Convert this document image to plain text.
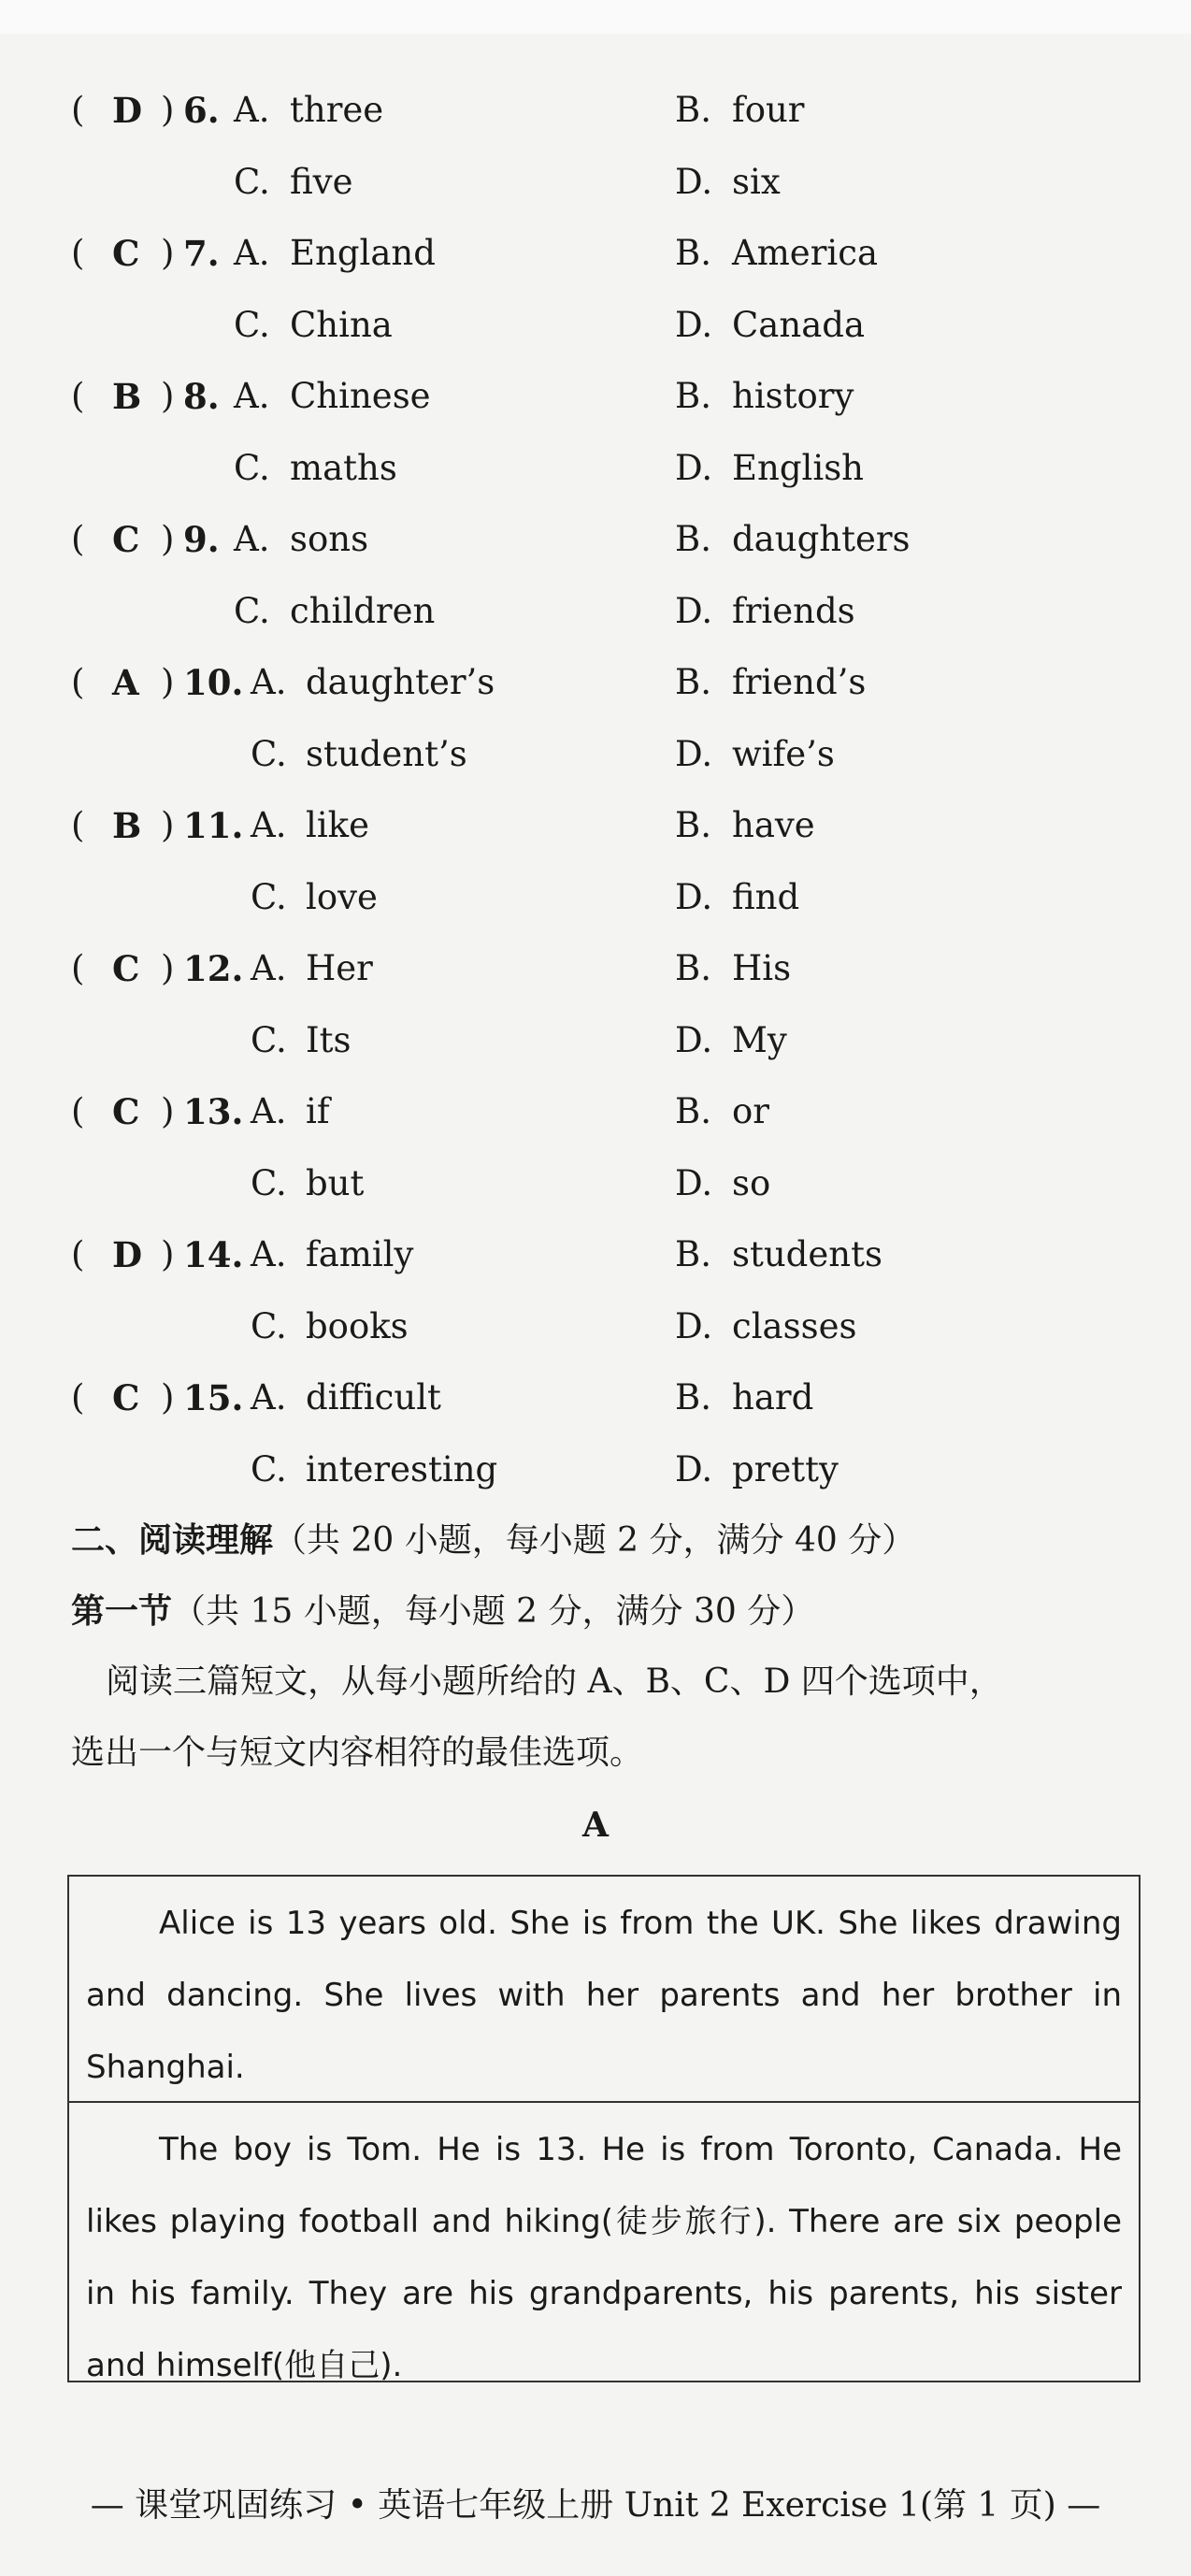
( D ) 6. A. three	B. four
C. five	D. six
( C ) 7. A. England	B. America
C. China	D. Canada
( B ) 8. A. Chinese	B. history
C. maths	D. English
( C ) 9. A. sons	B. daughters
C. children	D. friends
( A ) 10. A. daughter’s	B. friend’s
C. student’s	D. wife’s
( B ) 11. A. like	B. have
C. love	D. find
( C ) 12. A. Her	B. His
C. Its	D. My
( C ) 13. A. if	B. or
C. but	D. so
( D ) 14. A. family	B. students
C. books	D. classes
( C ) 15. A. difficult	B. hard
C. interesting	D. pretty
二、阅读理解（共 20 小题，每小题 2 分，满分 40 分）
第一节（共 15 小题，每小题 2 分，满分 30 分）
阅读三篇短文，从每小题所给的 A、B、C、D 四个选项中，
选出一个与短文内容相符的最佳选项。
A
Alice is 13 years old. She is from the UK. She likes drawing and dancing. She lives with her parents and her brother in Shanghai.
The boy is Tom. He is 13. He is from Toronto, Canada. He likes playing football and hiking(徒步旅行). There are six people in his family. They are his grandparents, his parents, his sister and himself(他自己).
— 课堂巩固练习 • 英语七年级上册 Unit 2 Exercise 1(第 1 页) —
